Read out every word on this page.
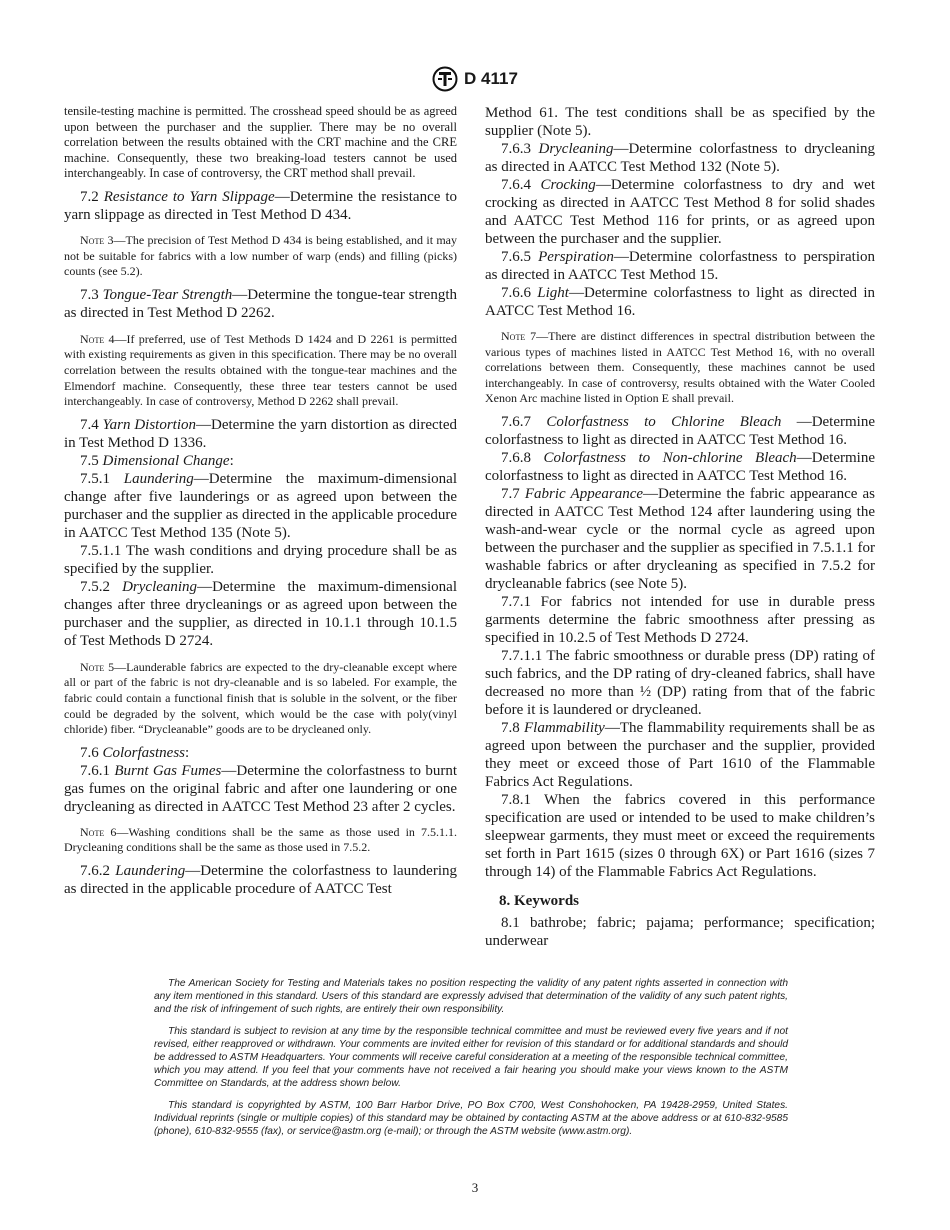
D 4117

tensile-testing machine is permitted. The crosshead speed should be as agreed upon between the purchaser and the supplier. There may be no overall correlation between the results obtained with the CRT machine and the CRE machine. Consequently, these two breaking-load testers cannot be used interchangeably. In case of controversy, the CRT method shall prevail.

7.2 Resistance to Yarn Slippage—Determine the resistance to yarn slippage as directed in Test Method D 434.

Note 3—The precision of Test Method D 434 is being established, and it may not be suitable for fabrics with a low number of warp (ends) and filling (picks) counts (see 5.2).

7.3 Tongue-Tear Strength—Determine the tongue-tear strength as directed in Test Method D 2262.

Note 4—If preferred, use of Test Methods D 1424 and D 2261 is permitted with existing requirements as given in this specification. There may be no overall correlation between the results obtained with the tongue-tear machines and the Elmendorf machine. Consequently, these three tear testers cannot be used interchangeably. In case of controversy, Method D 2262 shall prevail.

7.4 Yarn Distortion—Determine the yarn distortion as directed in Test Method D 1336.

7.5 Dimensional Change:

7.5.1 Laundering—Determine the maximum-dimensional change after five launderings or as agreed upon between the purchaser and the supplier as directed in the applicable procedure in AATCC Test Method 135 (Note 5).

7.5.1.1 The wash conditions and drying procedure shall be as specified by the supplier.

7.5.2 Drycleaning—Determine the maximum-dimensional changes after three drycleanings or as agreed upon between the purchaser and the supplier, as directed in 10.1.1 through 10.1.5 of Test Methods D 2724.

Note 5—Launderable fabrics are expected to the dry-cleanable except where all or part of the fabric is not dry-cleanable and is so labeled. For example, the fabric could contain a functional finish that is soluble in the solvent, or the fiber could be degraded by the solvent, which would be the case with poly(vinyl chloride) fiber. “Drycleanable” goods are to be drycleaned only.

7.6 Colorfastness:

7.6.1 Burnt Gas Fumes—Determine the colorfastness to burnt gas fumes on the original fabric and after one laundering or one drycleaning as directed in AATCC Test Method 23 after 2 cycles.

Note 6—Washing conditions shall be the same as those used in 7.5.1.1. Drycleaning conditions shall be the same as those used in 7.5.2.

7.6.2 Laundering—Determine the colorfastness to laundering as directed in the applicable procedure of AATCC Test

Method 61. The test conditions shall be as specified by the supplier (Note 5).

7.6.3 Drycleaning—Determine colorfastness to drycleaning as directed in AATCC Test Method 132 (Note 5).

7.6.4 Crocking—Determine colorfastness to dry and wet crocking as directed in AATCC Test Method 8 for solid shades and AATCC Test Method 116 for prints, or as agreed upon between the purchaser and the supplier.

7.6.5 Perspiration—Determine colorfastness to perspiration as directed in AATCC Test Method 15.

7.6.6 Light—Determine colorfastness to light as directed in AATCC Test Method 16.

Note 7—There are distinct differences in spectral distribution between the various types of machines listed in AATCC Test Method 16, with no overall correlations between them. Consequently, these machines cannot be used interchangeably. In case of controversy, results obtained with the Water Cooled Xenon Arc machine listed in Option E shall prevail.

7.6.7 Colorfastness to Chlorine Bleach —Determine colorfastness to light as directed in AATCC Test Method 16.

7.6.8 Colorfastness to Non-chlorine Bleach—Determine colorfastness to light as directed in AATCC Test Method 16.

7.7 Fabric Appearance—Determine the fabric appearance as directed in AATCC Test Method 124 after laundering using the wash-and-wear cycle or the normal cycle as agreed upon between the purchaser and the supplier as specified in 7.5.1.1 for washable fabrics or after drycleaning as specified in 7.5.2 for drycleanable fabrics (see Note 5).

7.7.1 For fabrics not intended for use in durable press garments determine the fabric smoothness after pressing as specified in 10.2.5 of Test Methods D 2724.

7.7.1.1 The fabric smoothness or durable press (DP) rating of such fabrics, and the DP rating of dry-cleaned fabrics, shall have decreased no more than ½ (DP) rating from that of the fabric before it is laundered or drycleaned.

7.8 Flammability—The flammability requirements shall be as agreed upon between the purchaser and the supplier, provided they meet or exceed those of Part 1610 of the Flammable Fabrics Act Regulations.

7.8.1 When the fabrics covered in this performance specification are used or intended to be used to make children’s sleepwear garments, they must meet or exceed the requirements set forth in Part 1615 (sizes 0 through 6X) or Part 1616 (sizes 7 through 14) of the Flammable Fabrics Act Regulations.

8. Keywords

8.1 bathrobe; fabric; pajama; performance; specification; underwear

The American Society for Testing and Materials takes no position respecting the validity of any patent rights asserted in connection with any item mentioned in this standard. Users of this standard are expressly advised that determination of the validity of any such patent rights, and the risk of infringement of such rights, are entirely their own responsibility.

This standard is subject to revision at any time by the responsible technical committee and must be reviewed every five years and if not revised, either reapproved or withdrawn. Your comments are invited either for revision of this standard or for additional standards and should be addressed to ASTM Headquarters. Your comments will receive careful consideration at a meeting of the responsible technical committee, which you may attend. If you feel that your comments have not received a fair hearing you should make your views known to the ASTM Committee on Standards, at the address shown below.

This standard is copyrighted by ASTM, 100 Barr Harbor Drive, PO Box C700, West Conshohocken, PA 19428-2959, United States. Individual reprints (single or multiple copies) of this standard may be obtained by contacting ASTM at the above address or at 610-832-9585 (phone), 610-832-9555 (fax), or service@astm.org (e-mail); or through the ASTM website (www.astm.org).

3
